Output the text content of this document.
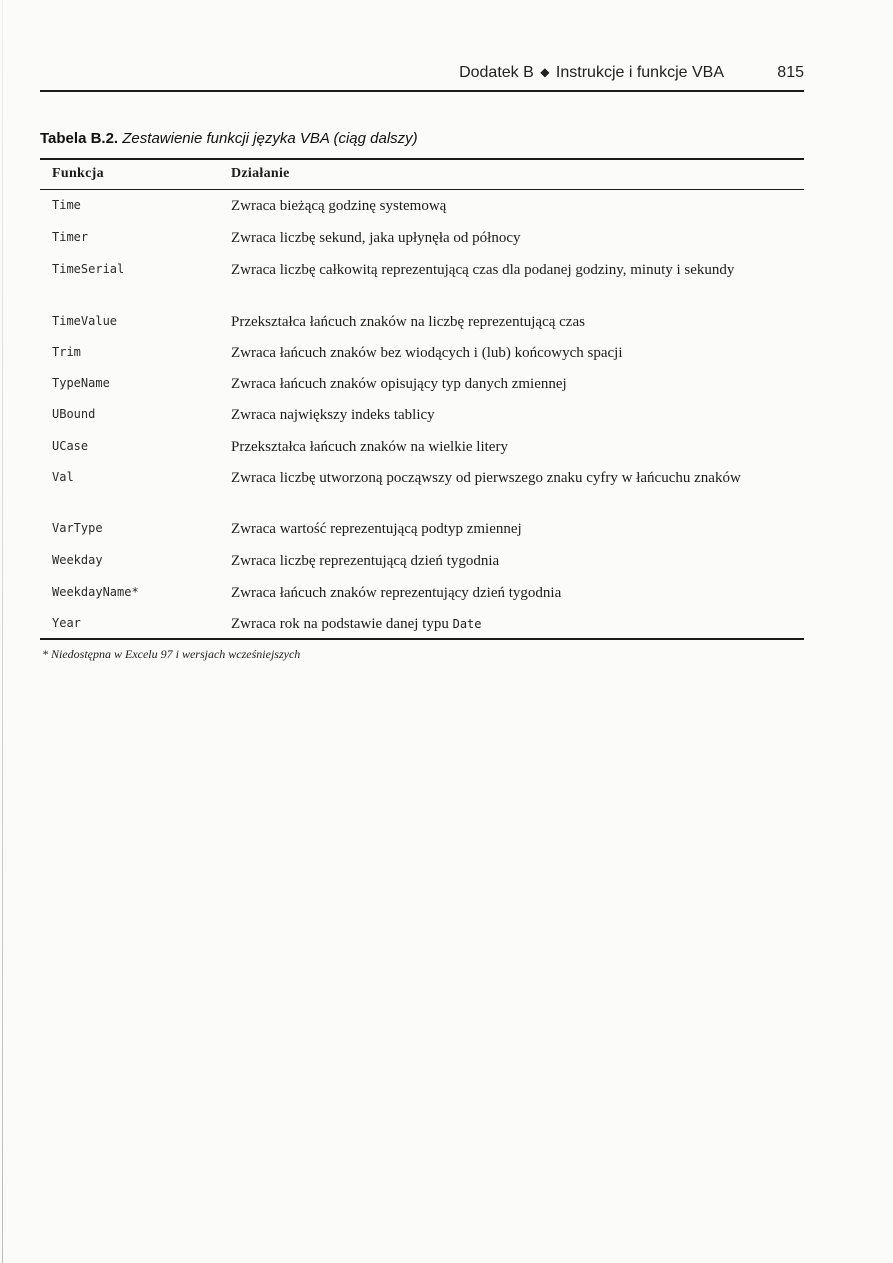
Dodatek B ◆ Instrukcje i funkcje VBA	815
Tabela B.2. Zestawienie funkcji języka VBA (ciąg dalszy)
Funkcja	Działanie
Time	Zwraca bieżącą godzinę systemową
Timer	Zwraca liczbę sekund, jaka upłynęła od północy
TimeSerial	Zwraca liczbę całkowitą reprezentującą czas dla podanej godziny, minuty i sekundy
TimeValue	Przekształca łańcuch znaków na liczbę reprezentującą czas
Trim	Zwraca łańcuch znaków bez wiodących i (lub) końcowych spacji
TypeName	Zwraca łańcuch znaków opisujący typ danych zmiennej
UBound	Zwraca największy indeks tablicy
UCase	Przekształca łańcuch znaków na wielkie litery
Val	Zwraca liczbę utworzoną począwszy od pierwszego znaku cyfry w łańcuchu znaków
VarType	Zwraca wartość reprezentującą podtyp zmiennej
Weekday	Zwraca liczbę reprezentującą dzień tygodnia
WeekdayName*	Zwraca łańcuch znaków reprezentujący dzień tygodnia
Year	Zwraca rok na podstawie danej typu Date
* Niedostępna w Excelu 97 i wersjach wcześniejszych
